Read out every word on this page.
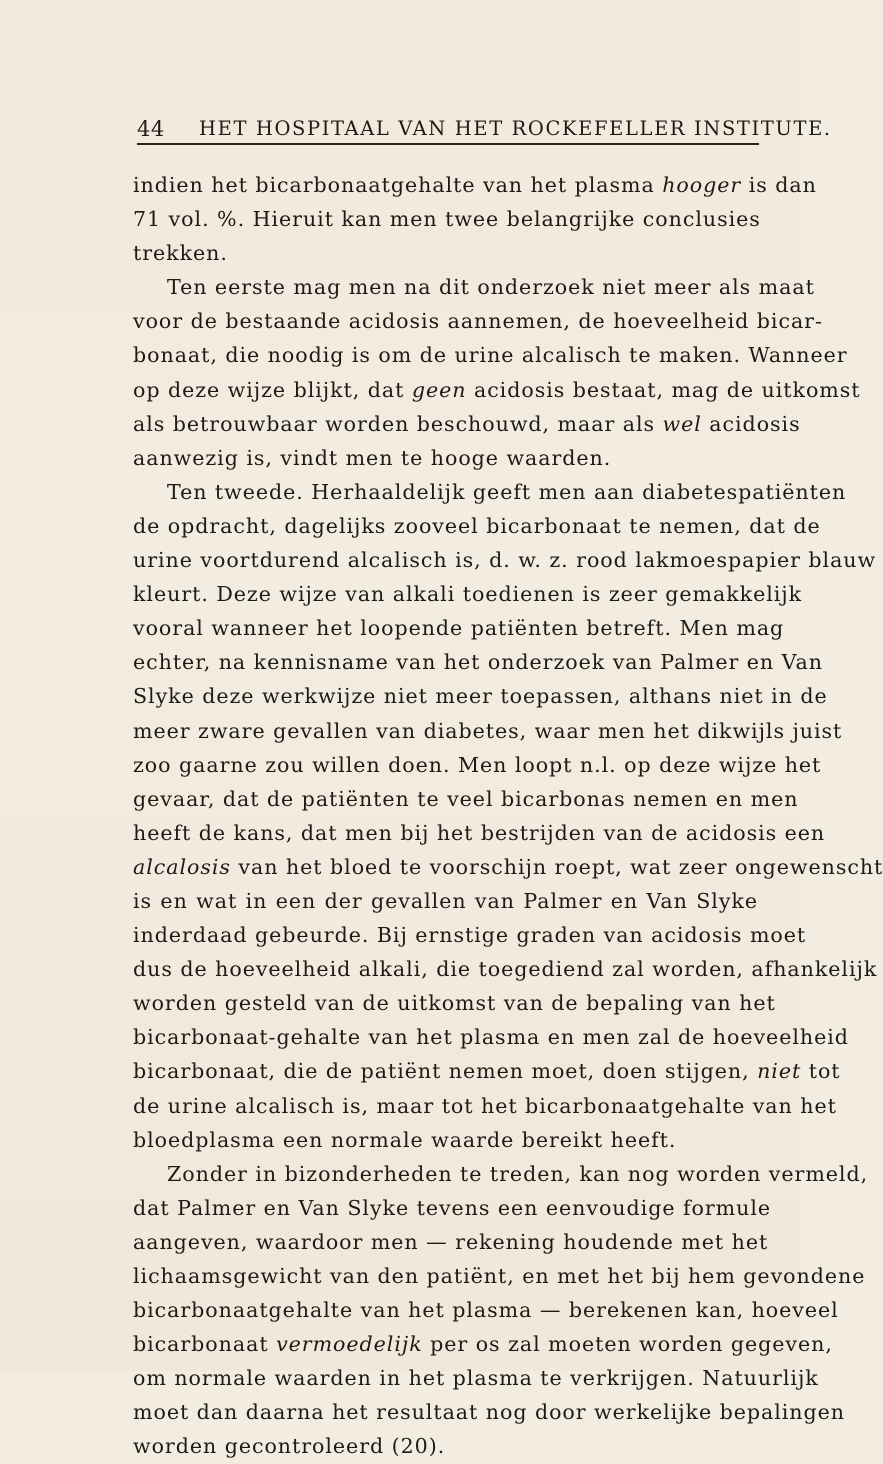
44 HET HOSPITAAL VAN HET ROCKEFELLER INSTITUTE.
indien het bicarbonaatgehalte van het plasma hooger is dan
71 vol. %. Hieruit kan men twee belangrijke conclusies
trekken.
Ten eerste mag men na dit onderzoek niet meer als maat
voor de bestaande acidosis aannemen, de hoeveelheid bicar-
bonaat, die noodig is om de urine alcalisch te maken. Wanneer
op deze wijze blijkt, dat geen acidosis bestaat, mag de uitkomst
als betrouwbaar worden beschouwd, maar als wel acidosis
aanwezig is, vindt men te hooge waarden.
Ten tweede. Herhaaldelijk geeft men aan diabetespatiënten
de opdracht, dagelijks zooveel bicarbonaat te nemen, dat de
urine voortdurend alcalisch is, d. w. z. rood lakmoespapier blauw
kleurt. Deze wijze van alkali toedienen is zeer gemakkelijk
vooral wanneer het loopende patiënten betreft. Men mag
echter, na kennisname van het onderzoek van Palmer en Van
Slyke deze werkwijze niet meer toepassen, althans niet in de
meer zware gevallen van diabetes, waar men het dikwijls juist
zoo gaarne zou willen doen. Men loopt n.l. op deze wijze het
gevaar, dat de patiënten te veel bicarbonas nemen en men
heeft de kans, dat men bij het bestrijden van de acidosis een
alcalosis van het bloed te voorschijn roept, wat zeer ongewenscht
is en wat in een der gevallen van Palmer en Van Slyke
inderdaad gebeurde. Bij ernstige graden van acidosis moet
dus de hoeveelheid alkali, die toegediend zal worden, afhankelijk
worden gesteld van de uitkomst van de bepaling van het
bicarbonaat-gehalte van het plasma en men zal de hoeveelheid
bicarbonaat, die de patiënt nemen moet, doen stijgen, niet tot
de urine alcalisch is, maar tot het bicarbonaatgehalte van het
bloedplasma een normale waarde bereikt heeft.
Zonder in bizonderheden te treden, kan nog worden vermeld,
dat Palmer en Van Slyke tevens een eenvoudige formule
aangeven, waardoor men — rekening houdende met het
lichaamsgewicht van den patiënt, en met het bij hem gevondene
bicarbonaatgehalte van het plasma — berekenen kan, hoeveel
bicarbonaat vermoedelijk per os zal moeten worden gegeven,
om normale waarden in het plasma te verkrijgen. Natuurlijk
moet dan daarna het resultaat nog door werkelijke bepalingen
worden gecontroleerd (20).
